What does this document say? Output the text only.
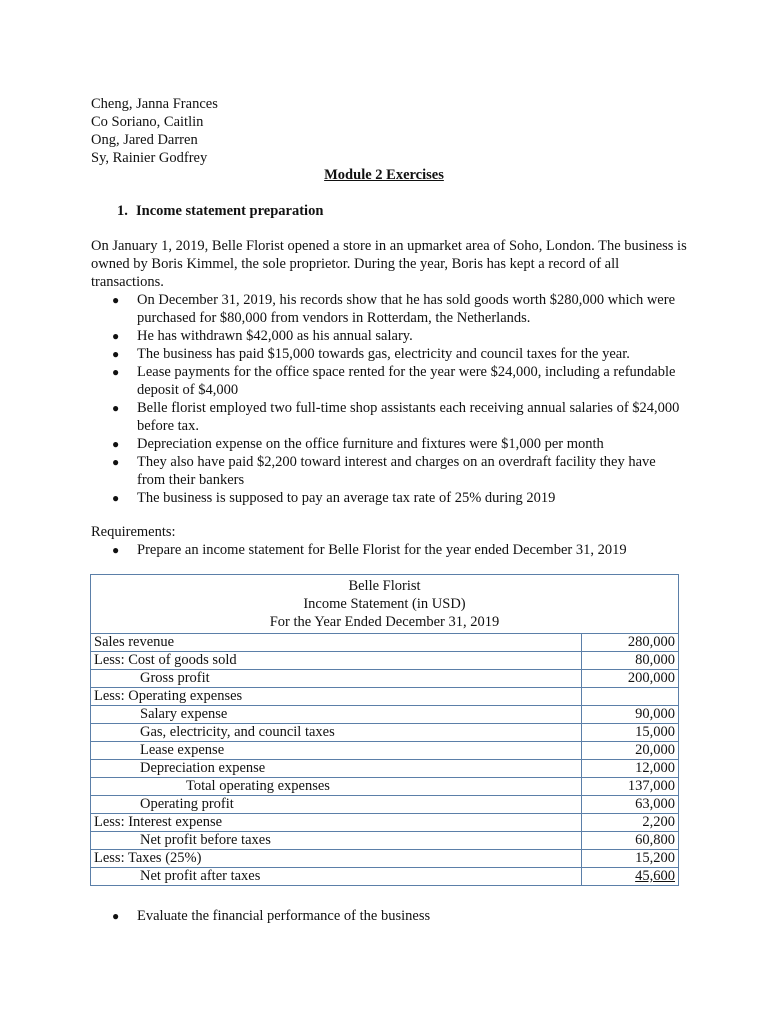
Cheng, Janna Frances
Co Soriano, Caitlin
Ong, Jared Darren
Sy, Rainier Godfrey
Module 2 Exercises
1. Income statement preparation

On January 1, 2019, Belle Florist opened a store in an upmarket area of Soho, London. The business is owned by Boris Kimmel, the sole proprietor. During the year, Boris has kept a record of all transactions.

● On December 31, 2019, his records show that he has sold goods worth $280,000 which were purchased for $80,000 from vendors in Rotterdam, the Netherlands.
● He has withdrawn $42,000 as his annual salary.
● The business has paid $15,000 towards gas, electricity and council taxes for the year.
● Lease payments for the office space rented for the year were $24,000, including a refundable deposit of $4,000
● Belle florist employed two full-time shop assistants each receiving annual salaries of $24,000 before tax.
● Depreciation expense on the office furniture and fixtures were $1,000 per month
● They also have paid $2,200 toward interest and charges on an overdraft facility they have from their bankers
● The business is supposed to pay an average tax rate of 25% during 2019
Requirements:
● Prepare an income statement for Belle Florist for the year ended December 31, 2019
Belle Florist
Income Statement (in USD)
For the Year Ended December 31, 2019	

Sales revenue	280,000
Less: Cost of goods sold	80,000
Gross profit	200,000
Less: Operating expenses	
Salary expense	90,000
Gas, electricity, and council taxes	15,000
Lease expense	20,000
Depreciation expense	12,000
Total operating expenses	137,000
Operating profit	63,000
Less: Interest expense	2,200
Net profit before taxes	60,800
Less: Taxes (25%)	15,200
Net profit after taxes	45,600
● Evaluate the financial performance of the business
